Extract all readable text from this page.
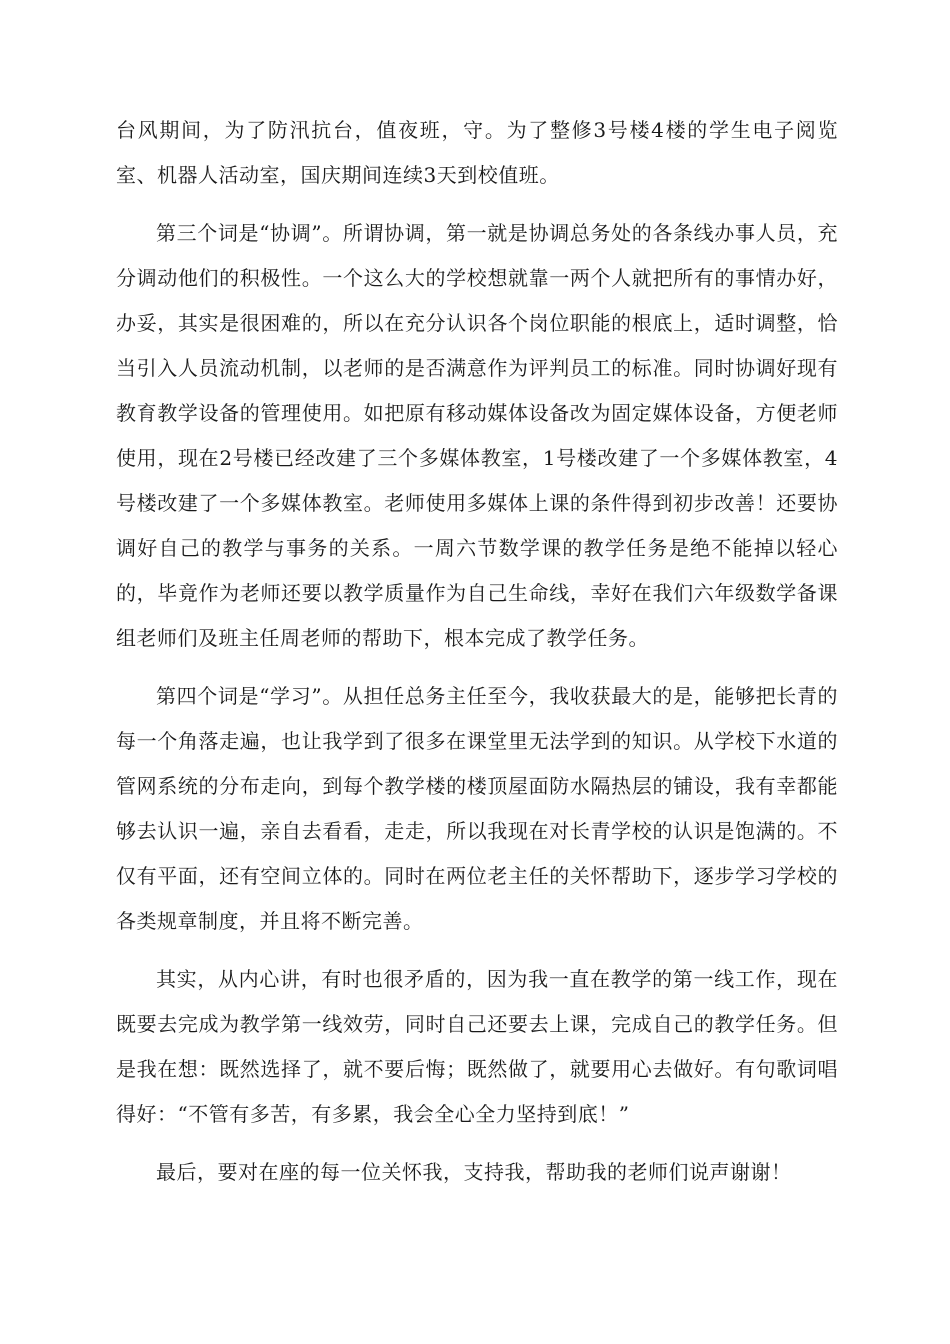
台风期间，为了防汛抗台，值夜班，守。为了整修3号楼4楼的学生电子阅览室、机器人活动室，国庆期间连续3天到校值班。

第三个词是“协调”。所谓协调，第一就是协调总务处的各条线办事人员，充分调动他们的积极性。一个这么大的学校想就靠一两个人就把所有的事情办好，办妥，其实是很困难的，所以在充分认识各个岗位职能的根底上，适时调整，恰当引入人员流动机制，以老师的是否满意作为评判员工的标准。同时协调好现有教育教学设备的管理使用。如把原有移动媒体设备改为固定媒体设备，方便老师使用，现在2号楼已经改建了三个多媒体教室，1号楼改建了一个多媒体教室，4号楼改建了一个多媒体教室。老师使用多媒体上课的条件得到初步改善！还要协调好自己的教学与事务的关系。一周六节数学课的教学任务是绝不能掉以轻心的，毕竟作为老师还要以教学质量作为自己生命线，幸好在我们六年级数学备课组老师们及班主任周老师的帮助下，根本完成了教学任务。

第四个词是“学习”。从担任总务主任至今，我收获最大的是，能够把长青的每一个角落走遍，也让我学到了很多在课堂里无法学到的知识。从学校下水道的管网系统的分布走向，到每个教学楼的楼顶屋面防水隔热层的铺设，我有幸都能够去认识一遍，亲自去看看，走走，所以我现在对长青学校的认识是饱满的。不仅有平面，还有空间立体的。同时在两位老主任的关怀帮助下，逐步学习学校的各类规章制度，并且将不断完善。

其实，从内心讲，有时也很矛盾的，因为我一直在教学的第一线工作，现在既要去完成为教学第一线效劳，同时自己还要去上课，完成自己的教学任务。但是我在想：既然选择了，就不要后悔；既然做了，就要用心去做好。有句歌词唱得好：“不管有多苦，有多累，我会全心全力坚持到底！”

最后，要对在座的每一位关怀我，支持我，帮助我的老师们说声谢谢！
